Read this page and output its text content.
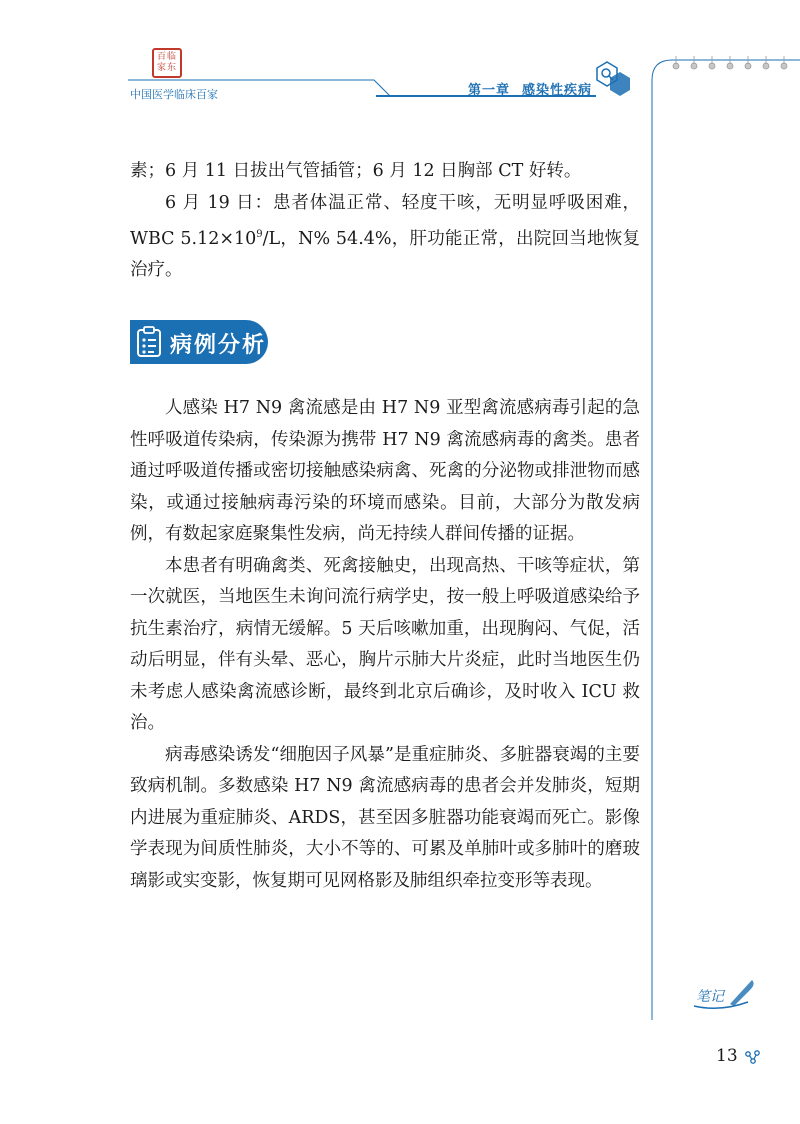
百临家东
中国医学临床百家	第一章 感染性疾病

素；6 月 11 日拔出气管插管；6 月 12 日胸部 CT 好转。

6 月 19 日：患者体温正常、轻度干咳，无明显呼吸困难，WBC $5.12\times 10^9/L$，N% 54.4%，肝功能正常，出院回当地恢复治疗。

病例分析

人感染 H7 N9 禽流感是由 H7 N9 亚型禽流感病毒引起的急性呼吸道传染病，传染源为携带 H7 N9 禽流感病毒的禽类。患者通过呼吸道传播或密切接触感染病禽、死禽的分泌物或排泄物而感染，或通过接触病毒污染的环境而感染。目前，大部分为散发病例，有数起家庭聚集性发病，尚无持续人群间传播的证据。

本患者有明确禽类、死禽接触史，出现高热、干咳等症状，第一次就医，当地医生未询问流行病学史，按一般上呼吸道感染给予抗生素治疗，病情无缓解。5 天后咳嗽加重，出现胸闷、气促，活动后明显，伴有头晕、恶心，胸片示肺大片炎症，此时当地医生仍未考虑人感染禽流感诊断，最终到北京后确诊，及时收入 ICU 救治。

病毒感染诱发“细胞因子风暴”是重症肺炎、多脏器衰竭的主要致病机制。多数感染 H7 N9 禽流感病毒的患者会并发肺炎，短期内进展为重症肺炎、ARDS，甚至因多脏器功能衰竭而死亡。影像学表现为间质性肺炎，大小不等的、可累及单肺叶或多肺叶的磨玻璃影或实变影，恢复期可见网格影及肺组织牵拉变形等表现。

笔记
13
